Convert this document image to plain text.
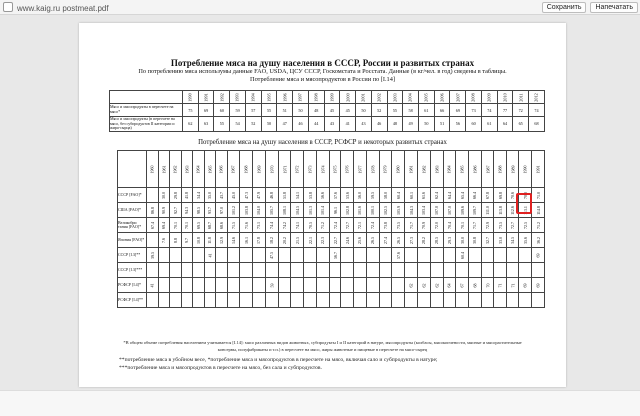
www.kaig.ru postmeat.pdf	Сохранить	Напечатать
Потребление мяса на душу населения в СССР, России и развитых странах
По потреблению мяса использумы данные FAO, USDA, ЦСУ СССР, Госкомстата и Росстата. Данные (в кг/чел. в год) сведены в таблицы.
Потребление мяса и мясопродуктов в России по [I.14]
	1990	1991	1992	1993	1994	1995	1996	1997	1998	1999	2000	2001	2002	2003	2004	2005	2006	2007	2008	2009	2010	2011	2012
Мясо и мясопродукты в пересчете на мясо*	75	69	60	59	57	55	51	50	48	45	45	50	52	55	58	61	66	69	73	74	77	72	74
Мясо и мясопродукты (в пересчете на мясо, без субпродуктов II категории и жира-сырца)	62	63	55	54	52	50	47	46	44	43	41	43	46	48	49	50	51	56	60	61	64	65	68
Потребление мяса на душу населения в СССР, РСФСР и некоторых развитых странах
	1960	1961	1962	1963	1964	1965	1966	1967	1968	1969	1970	1971	1972	1973	1974	1975	1976	1977	1978	1979	1980	1981	1982	1983	1984	1985	1986	1987	1988	1989	1990	1991
СССР [FAO]*		30.0	29.8	41.8	34.4	35.0	43.7	45.0	47.3	47.9	46.8	51.8	54.1	53.8	56.6	57.6	53.6	56.0	59.5	58.0	60.4	60.1	61.6	62.4	64.4	65.4	66.4	67.8	69.8	70.6	70.0	71.0
США [FAO]*	86.8	90.9	92.7	94.3	98.5	93.7	97.0	101.2	103.8	104.0	105.7	108.1	104.5	101.3	101.4	96.1	102.8	101.6	100.1	102.5	105.9	104.3	103.4	107.0	107.0	109.6	109.7	111.0	113.8	112.6	113.1	114.8
Великобри тания [FAO]*	67.4	69.4	70.1	70.1	69.5	68.7	68.6	71.5	71.6	73.1	74.4	74.2	74.1	70.5	71.2	72.4	72.7	72.1	72.4	73.8	73.5	71.7	70.9	72.0	70.4	70.1	71.7	72.9	73.5	72.7	72.5	71.2
Япония [FAO]*		7.6	8.8	9.7	10.8	11.8	12.9	14.6	16.1	17.8	18.2	20.2	21.5	22.1	22.3	22.7	24.6	25.6	26.5	27.4	26.5	27.3	28.2	28.5	29.3	30.0	30.8	32.7	33.0	34.5	35.6	36.2
СССР [I.3]**	39.5					41					47.5					56.7					57.6					60.4						69
СССР [I.3]***																																
РСФСР [I.4]*	41										59											62	62	62	64	67	68	70	71	71	69	69
РСФСР [I.4]**																																
*В общем объеме потребления населением учитывается [I.14]: мясо различных видов животных, субпродукты I и II категорий в натуре, мясопродукты (колбасы, мясокопчености, мясные и мясорастительные
консервы, полуфабрикаты и т.п.) в пересчете на мясо, жиры животные и пищевые в пересчете на мясо-сырец
**потребление мяса в убойном весе, *потребление мяса и мясопродуктов в пересчете на мясо, включая сало и субпродукты в натуре;
***потребление мяса и мясопродуктов в пересчете на мясо, без сала и субпродуктов.
